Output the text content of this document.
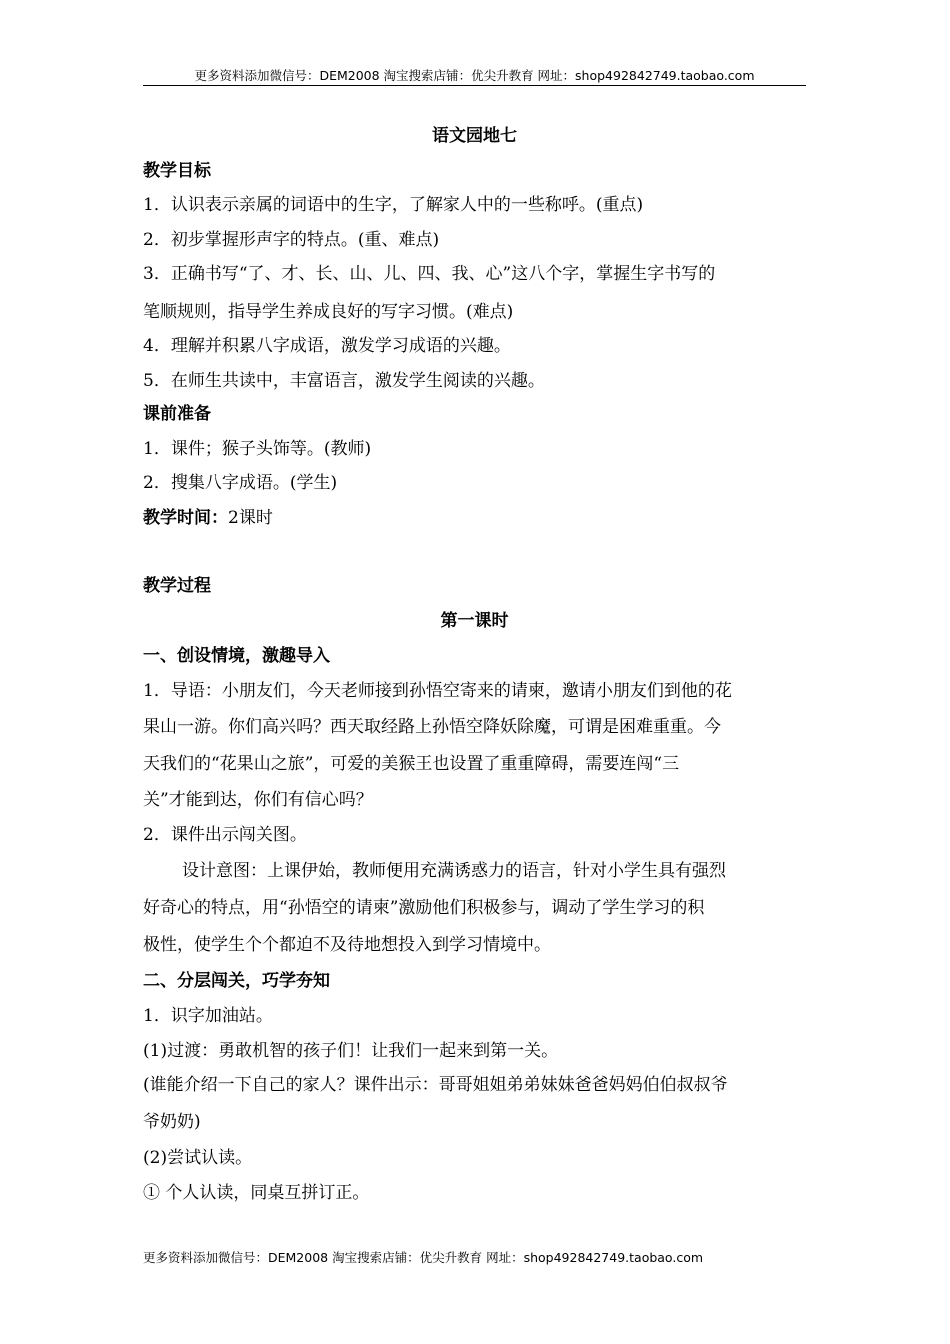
更多资料添加微信号：DEM2008 淘宝搜索店铺：优尖升教育 网址：shop492842749.taobao.com
语文园地七
教学目标
1．认识表示亲属的词语中的生字，了解家人中的一些称呼。(重点)
2．初步掌握形声字的特点。(重、难点)
3．正确书写“了、才、长、山、儿、四、我、心”这八个字，掌握生字书写的
笔顺规则，指导学生养成良好的写字习惯。(难点)
4．理解并积累八字成语，激发学习成语的兴趣。
5．在师生共读中，丰富语言，激发学生阅读的兴趣。
课前准备
1．课件；猴子头饰等。(教师)
2．搜集八字成语。(学生)
教学时间：2课时
教学过程
第一课时
一、创设情境，激趣导入
1．导语：小朋友们，今天老师接到孙悟空寄来的请柬，邀请小朋友们到他的花
果山一游。你们高兴吗？西天取经路上孙悟空降妖除魔，可谓是困难重重。今
天我们的“花果山之旅”，可爱的美猴王也设置了重重障碍，需要连闯“三
关”才能到达，你们有信心吗？
2．课件出示闯关图。
设计意图：上课伊始，教师便用充满诱惑力的语言，针对小学生具有强烈
好奇心的特点，用“孙悟空的请柬”激励他们积极参与，调动了学生学习的积
极性，使学生个个都迫不及待地想投入到学习情境中。
二、分层闯关，巧学夯知
1．识字加油站。
(1)过渡：勇敢机智的孩子们！让我们一起来到第一关。
(谁能介绍一下自己的家人？课件出示：哥哥姐姐弟弟妹妹爸爸妈妈伯伯叔叔爷
爷奶奶)
(2)尝试认读。
① 个人认读，同桌互拼订正。
更多资料添加微信号：DEM2008 淘宝搜索店铺：优尖升教育 网址：shop492842749.taobao.com
